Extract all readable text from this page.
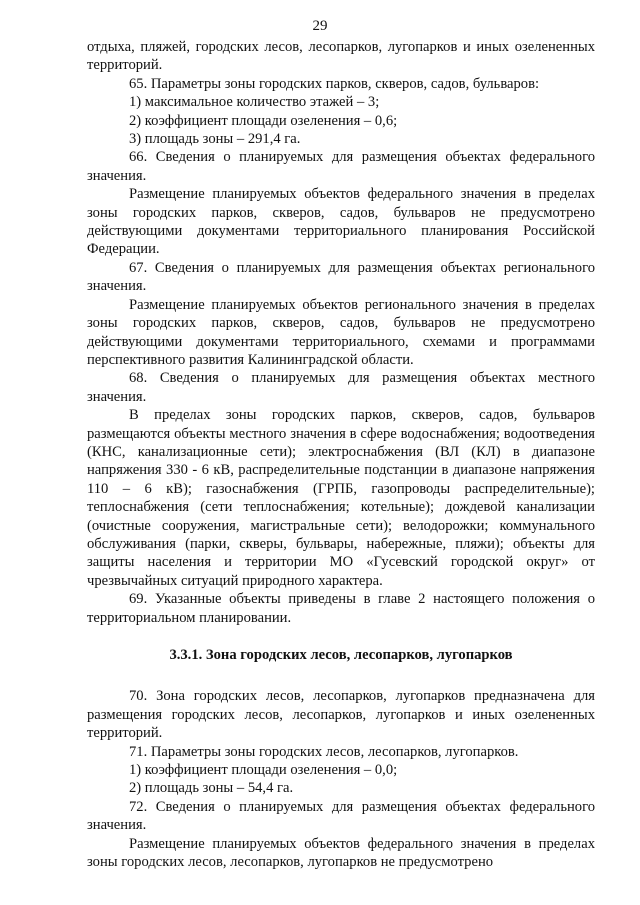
29

отдыха, пляжей, городских лесов, лесопарков, лугопарков и иных озелененных территорий.

65. Параметры зоны городских парков, скверов, садов, бульваров:

1) максимальное количество этажей – 3;

2) коэффициент площади озеленения – 0,6;

3) площадь зоны – 291,4 га.

66. Сведения о планируемых для размещения объектах федерального значения.

Размещение планируемых объектов федерального значения в пределах зоны городских парков, скверов, садов, бульваров не предусмотрено действующими документами территориального планирования Российской Федерации.

67. Сведения о планируемых для размещения объектах регионального значения.

Размещение планируемых объектов регионального значения в пределах зоны городских парков, скверов, садов, бульваров не предусмотрено действующими документами территориального, схемами и программами перспективного развития Калининградской области.

68. Сведения о планируемых для размещения объектах местного значения.

В пределах зоны городских парков, скверов, садов, бульваров размещаются объекты местного значения в сфере водоснабжения; водоотведения (КНС, канализационные сети); электроснабжения (ВЛ (КЛ) в диапазоне напряжения 330 - 6 кВ, распределительные подстанции в диапазоне напряжения 110 – 6 кВ); газоснабжения (ГРПБ, газопроводы распределительные); теплоснабжения (сети теплоснабжения; котельные); дождевой канализации (очистные сооружения, магистральные сети); велодорожки; коммунального обслуживания (парки, скверы, бульвары, набережные, пляжи); объекты для защиты населения и территории МО «Гусевский городской округ» от чрезвычайных ситуаций природного характера.

69. Указанные объекты приведены в главе 2 настоящего положения о территориальном планировании.

3.3.1. Зона городских лесов, лесопарков, лугопарков

70. Зона городских лесов, лесопарков, лугопарков предназначена для размещения городских лесов, лесопарков, лугопарков и иных озелененных территорий.

71. Параметры зоны городских лесов, лесопарков, лугопарков.

1) коэффициент площади озеленения – 0,0;

2) площадь зоны – 54,4 га.

72. Сведения о планируемых для размещения объектах федерального значения.

Размещение планируемых объектов федерального значения в пределах зоны городских лесов, лесопарков, лугопарков не предусмотрено
